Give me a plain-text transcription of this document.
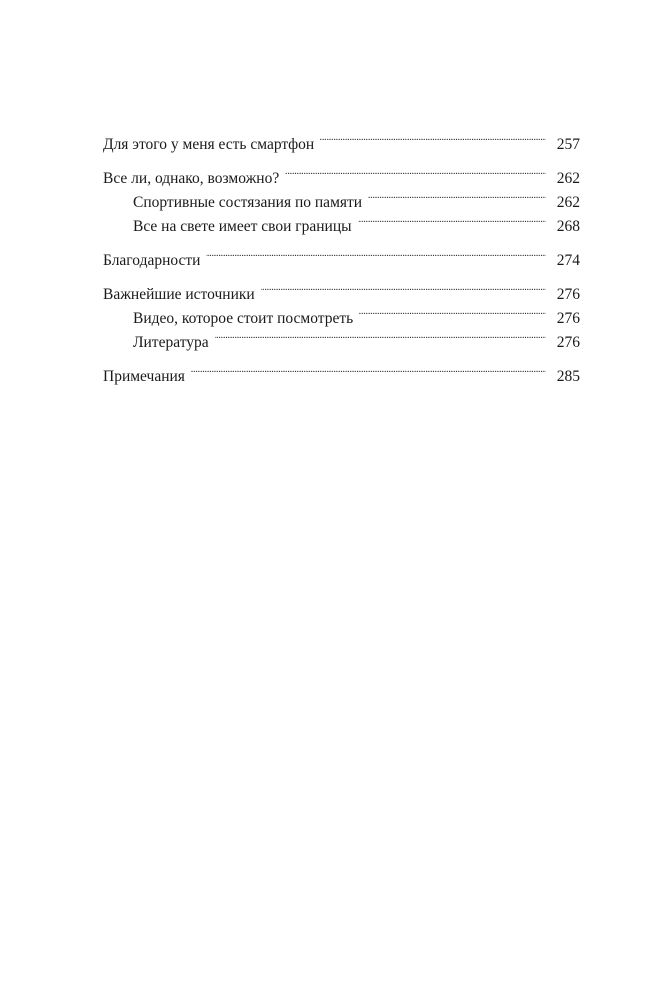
Для этого у меня есть смартфон . . .	257
Все ли, однако, возможно? . . .	262
Спортивные состязания по памяти . . .	262
Все на свете имеет свои границы . . .	268
Благодарности . . .	274
Важнейшие источники . . .	276
Видео, которое стоит посмотреть . . .	276
Литература . . .	276
Примечания . . .	285
